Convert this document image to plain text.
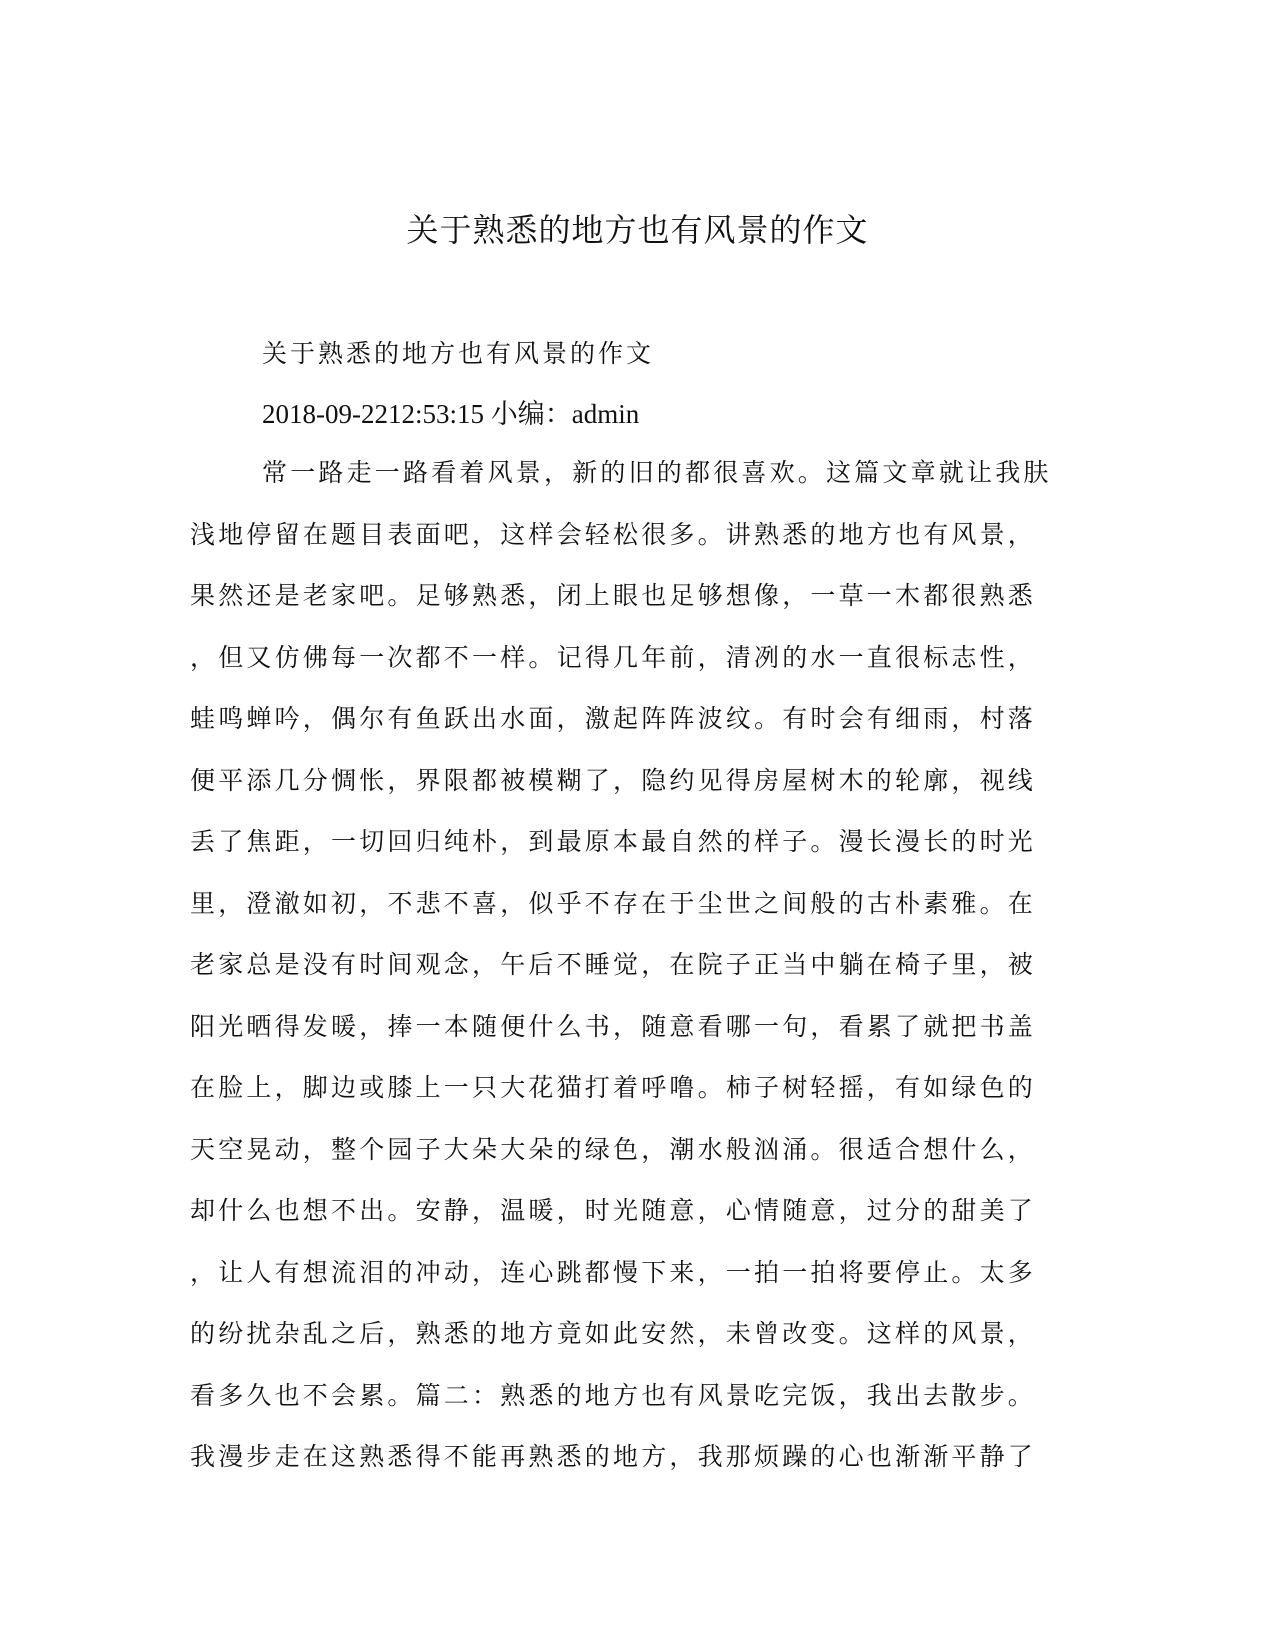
关于熟悉的地方也有风景的作文
关于熟悉的地方也有风景的作文
2018-09-2212:53:15 小编：admin
常一路走一路看着风景，新的旧的都很喜欢。这篇文章就让我肤
浅地停留在题目表面吧，这样会轻松很多。讲熟悉的地方也有风景，
果然还是老家吧。足够熟悉，闭上眼也足够想像，一草一木都很熟悉
，但又仿佛每一次都不一样。记得几年前，清冽的水一直很标志性，
蛙鸣蝉吟，偶尔有鱼跃出水面，激起阵阵波纹。有时会有细雨，村落
便平添几分惆怅，界限都被模糊了，隐约见得房屋树木的轮廓，视线
丢了焦距，一切回归纯朴，到最原本最自然的样子。漫长漫长的时光
里，澄澈如初，不悲不喜，似乎不存在于尘世之间般的古朴素雅。在
老家总是没有时间观念，午后不睡觉，在院子正当中躺在椅子里，被
阳光晒得发暖，捧一本随便什么书，随意看哪一句，看累了就把书盖
在脸上，脚边或膝上一只大花猫打着呼噜。柿子树轻摇，有如绿色的
天空晃动，整个园子大朵大朵的绿色，潮水般汹涌。很适合想什么，
却什么也想不出。安静，温暖，时光随意，心情随意，过分的甜美了
，让人有想流泪的冲动，连心跳都慢下来，一拍一拍将要停止。太多
的纷扰杂乱之后，熟悉的地方竟如此安然，未曾改变。这样的风景，
看多久也不会累。篇二：熟悉的地方也有风景吃完饭，我出去散步。
我漫步走在这熟悉得不能再熟悉的地方，我那烦躁的心也渐渐平静了
